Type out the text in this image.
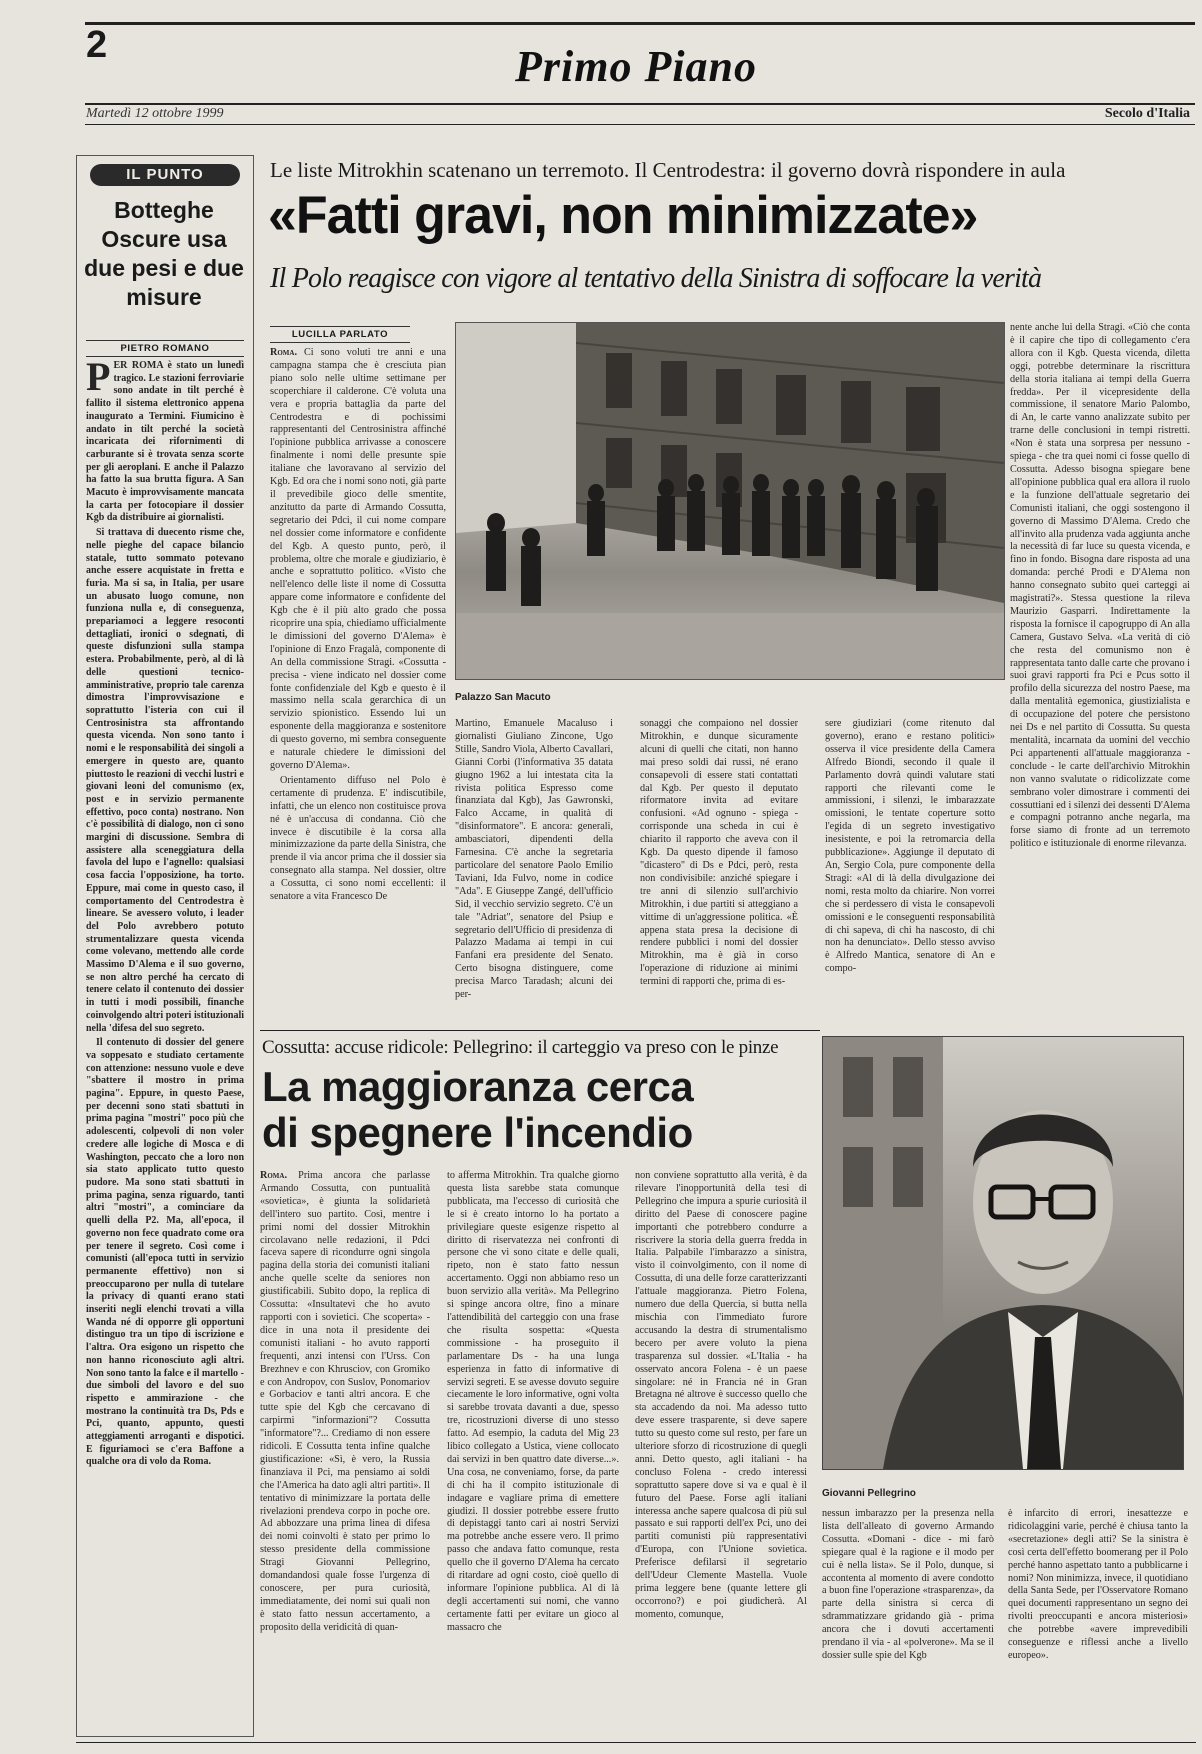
2	Primo Piano
Martedì 12 ottobre 1999	Secolo d'Italia
IL PUNTO
Botteghe Oscure usa due pesi e due misure
PIETRO ROMANO

PER ROMA è stato un lunedì tragico. Le stazioni ferroviarie sono andate in tilt perché è fallito il sistema elettronico appena inaugurato a Termini. Fiumicino è andato in tilt perché la società incaricata dei rifornimenti di carburante si è trovata senza scorte per gli aeroplani. E anche il Palazzo ha fatto la sua brutta figura. A San Macuto è improvvisamente mancata la carta per fotocopiare il dossier Kgb da distribuire ai giornalisti.

Si trattava di duecento risme che, nelle pieghe del capace bilancio statale, tutto sommato potevano anche essere acquistate in fretta e furia. Ma si sa, in Italia, per usare un abusato luogo comune, non funziona nulla e, di conseguenza, prepariamoci a leggere resoconti dettagliati, ironici o sdegnati, di queste disfunzioni sulla stampa estera. Probabilmente, però, al di là delle questioni tecnico-amministrative, proprio tale carenza dimostra l'improvvisazione e soprattutto l'isteria con cui il Centrosinistra sta affrontando questa vicenda. Non sono tanto i nomi e le responsabilità dei singoli a emergere in questo are, quanto piuttosto le reazioni di vecchi lustri e giovani leoni del comunismo (ex, post e in servizio permanente effettivo, poco conta) nostrano. Non c'è possibilità di dialogo, non ci sono margini di discussione. Sembra di assistere alla sceneggiatura della favola del lupo e l'agnello: qualsiasi cosa faccia l'opposizione, ha torto. Eppure, mai come in questo caso, il comportamento del Centrodestra è lineare. Se avessero voluto, i leader del Polo avrebbero potuto strumentalizzare questa vicenda come volevano, mettendo alle corde Massimo D'Alema e il suo governo, se non altro perché ha cercato di tenere celato il contenuto dei dossier in tutti i modi possibili, finanche coinvolgendo altri poteri istituzionali nella 'difesa del suo segreto.

Il contenuto di dossier del genere va soppesato e studiato certamente con attenzione: nessuno vuole e deve "sbattere il mostro in prima pagina". Eppure, in questo Paese, per decenni sono stati sbattuti in prima pagina "mostri" poco più che adolescenti, colpevoli di non voler credere alle logiche di Mosca e di Washington, peccato che a loro non sia stato applicato tutto questo pudore. Ma sono stati sbattuti in prima pagina, senza riguardo, tanti altri "mostri", a cominciare da quelli della P2. Ma, all'epoca, il governo non fece quadrato come ora per tenere il segreto. Così come i comunisti (all'epoca tutti in servizio permanente effettivo) non si preoccuparono per nulla di tutelare la privacy di quanti erano stati inseriti negli elenchi trovati a villa Wanda né di opporre gli opportuni distinguo tra un tipo di iscrizione e l'altra. Ora esigono un rispetto che non hanno riconosciuto agli altri. Non sono tanto la falce e il martello - due simboli del lavoro e del suo rispetto e ammirazione - che mostrano la continuità tra Ds, Pds e Pci, quanto, appunto, questi atteggiamenti arroganti e dispotici. E figuriamoci se c'era Baffone a qualche ora di volo da Roma.

Le liste Mitrokhin scatenano un terremoto. Il Centrodestra: il governo dovrà rispondere in aula
«Fatti gravi, non minimizzate»
Il Polo reagisce con vigore al tentativo della Sinistra di soffocare la verità
LUCILLA PARLATO

Roma. Ci sono voluti tre anni e una campagna stampa che è cresciuta pian piano solo nelle ultime settimane per scoperchiare il calderone. C'è voluta una vera e propria battaglia da parte del Centrodestra e di pochissimi rappresentanti del Centrosinistra affinché l'opinione pubblica arrivasse a conoscere finalmente i nomi delle presunte spie italiane che lavoravano al servizio del Kgb. Ed ora che i nomi sono noti, già parte il prevedibile gioco delle smentite, anzitutto da parte di Armando Cossutta, segretario dei Pdci, il cui nome compare nel dossier come informatore e confidente del Kgb. A questo punto, però, il problema, oltre che morale e giudiziario, è anche e soprattutto politico. «Visto che nell'elenco delle liste il nome di Cossutta appare come informatore e confidente del Kgb che è il più alto grado che possa ricoprire una spia, chiediamo ufficialmente le dimissioni del governo D'Alema» è l'opinione di Enzo Fragalà, componente di An della commissione Stragi. «Cossutta - precisa - viene indicato nel dossier come fonte confidenziale del Kgb e questo è il massimo nella scala gerarchica di un servizio spionistico. Essendo lui un esponente della maggioranza e sostenitore di questo governo, mi sembra conseguente e naturale chiedere le dimissioni del governo D'Alema».

Orientamento diffuso nel Polo è certamente di prudenza. E' indiscutibile, infatti, che un elenco non costituisce prova né è un'accusa di condanna. Ciò che invece è discutibile è la corsa alla minimizzazione da parte della Sinistra, che prende il via ancor prima che il dossier sia consegnato alla stampa. Nel dossier, oltre a Cossutta, ci sono nomi eccellenti: il senatore a vita Francesco De

Palazzo San Macuto

nente anche lui della Stragi. «Ciò che conta è il capire che tipo di collegamento c'era allora con il Kgb. Questa vicenda, diletta oggi, potrebbe determinare la riscrittura della storia italiana ai tempi della Guerra fredda». Per il vicepresidente della commissione, il senatore Mario Palombo, di An, le carte vanno analizzate subito per trarne delle conclusioni in tempi ristretti. «Non è stata una sorpresa per nessuno - spiega - che tra quei nomi ci fosse quello di Cossutta. Adesso bisogna spiegare bene all'opinione pubblica qual era allora il ruolo e la funzione dell'attuale segretario dei Comunisti italiani, che oggi sostengono il governo di Massimo D'Alema. Credo che all'invito alla prudenza vada aggiunta anche la necessità di far luce su questa vicenda, e fino in fondo. Bisogna dare risposta ad una domanda: perché Prodi e D'Alema non hanno consegnato subito quei carteggi ai magistrati?». Stessa questione la rileva Maurizio Gasparri. Indirettamente la risposta la fornisce il capogruppo di An alla Camera, Gustavo Selva. «La verità di ciò che resta del comunismo non è rappresentata tanto dalle carte che provano i suoi gravi rapporti fra Pci e Pcus sotto il profilo della sicurezza del nostro Paese, ma dalla mentalità egemonica, giustizialista e di occupazione del potere che persistono nei Ds e nel partito di Cossutta. Su questa mentalità, incarnata da uomini del vecchio Pci appartenenti all'attuale maggioranza - conclude - le carte dell'archivio Mitrokhin non vanno svalutate o ridicolizzate come sembrano voler dimostrare i commenti dei cossuttiani ed i silenzi dei dessenti D'Alema e compagni potranno anche negarla, ma forse siamo di fronte ad un terremoto politico e istituzionale di enorme rilevanza.

Martino, Emanuele Macaluso i giornalisti Giuliano Zincone, Ugo Stille, Sandro Viola, Alberto Cavallari, Gianni Corbi (l'informativa 35 datata giugno 1962 a lui intestata cita la rivista politica Espresso come finanziata dal Kgb), Jas Gawronski, Falco Accame, in qualità di "disinformatore". E ancora: generali, ambasciatori, dipendenti della Farnesina. C'è anche la segretaria particolare del senatore Paolo Emilio Taviani, Ida Fulvo, nome in codice "Ada". E Giuseppe Zangé, dell'ufficio Sid, il vecchio servizio segreto. C'è un tale "Adriat", senatore del Psiup e segretario dell'Ufficio di presidenza di Palazzo Madama ai tempi in cui Fanfani era presidente del Senato. Certo bisogna distinguere, come precisa Marco Taradash; alcuni dei per-

sonaggi che compaiono nel dossier Mitrokhin, e dunque sicuramente alcuni di quelli che citati, non hanno mai preso soldi dai russi, né erano consapevoli di essere stati contattati dal Kgb. Per questo il deputato riformatore invita ad evitare confusioni. «Ad ognuno - spiega - corrisponde una scheda in cui è chiarito il rapporto che aveva con il Kgb. Da questo dipende il famoso "dicastero" di Ds e Pdci, però, resta non condivisibile: anziché spiegare i tre anni di silenzio sull'archivio Mitrokhin, i due partiti si atteggiano a vittime di un'aggressione politica. «È appena stata presa la decisione di rendere pubblici i nomi del dossier Mitrokhin, ma è già in corso l'operazione di riduzione ai minimi termini di rapporti che, prima di es-

sere giudiziari (come ritenuto dal governo), erano e restano politici» osserva il vice presidente della Camera Alfredo Biondi, secondo il quale il Parlamento dovrà quindi valutare stati rapporti che rilevanti come le ammissioni, i silenzi, le imbarazzate omissioni, le tentate coperture sotto l'egida di un segreto investigativo inesistente, e poi la retromarcia della pubblicazione». Aggiunge il deputato di An, Sergio Cola, pure componente della Stragi: «Al di là della divulgazione dei nomi, resta molto da chiarire. Non vorrei che si perdessero di vista le consapevoli omissioni e le conseguenti responsabilità di chi sapeva, di chi ha nascosto, di chi non ha denunciato». Dello stesso avviso è Alfredo Mantica, senatore di An e compo-

Cossutta: accuse ridicole: Pellegrino: il carteggio va preso con le pinze
La maggioranza cerca
di spegnere l'incendio
Giovanni Pellegrino

Roma. Prima ancora che parlasse Armando Cossutta, con puntualità «sovietica», è giunta la solidarietà dell'intero suo partito. Così, mentre i primi nomi del dossier Mitrokhin circolavano nelle redazioni, il Pdci faceva sapere di ricondurre ogni singola pagina della storia dei comunisti italiani anche quelle scelte da seniores non giustificabili. Subito dopo, la replica di Cossutta: «Insultatevi che ho avuto rapporti con i sovietici. Che scoperta» - dice in una nota il presidente dei comunisti italiani - ho avuto rapporti frequenti, anzi intensi con l'Urss. Con Brezhnev e con Khrusciov, con Gromiko e con Andropov, con Suslov, Ponomariov e Gorbaciov e tanti altri ancora. E che tutte spie del Kgb che cercavano di carpirmi "informazioni"? Cossutta "informatore"?... Crediamo di non essere ridicoli. E Cossutta tenta infine qualche giustificazione: «Sì, è vero, la Russia finanziava il Pci, ma pensiamo ai soldi che l'America ha dato agli altri partiti». Il tentativo di minimizzare la portata delle rivelazioni prendeva corpo in poche ore. Ad abbozzare una prima linea di difesa dei nomi coinvolti è stato per primo lo stesso presidente della commissione Stragi Giovanni Pellegrino, domandandosi quale fosse l'urgenza di conoscere, per pura curiosità, immediatamente, dei nomi sui quali non è stato fatto nessun accertamento, a proposito della veridicità di quan-

to afferma Mitrokhin. Tra qualche giorno questa lista sarebbe stata comunque pubblicata, ma l'eccesso di curiosità che le si è creato intorno lo ha portato a privilegiare queste esigenze rispetto al diritto di riservatezza nei confronti di persone che vi sono citate e delle quali, ripeto, non è stato fatto nessun accertamento. Oggi non abbiamo reso un buon servizio alla verità». Ma Pellegrino si spinge ancora oltre, fino a minare l'attendibilità del carteggio con una frase che risulta sospetta: «Questa commissione - ha proseguito il parlamentare Ds - ha una lunga esperienza in fatto di informative di servizi segreti. E se avesse dovuto seguire ciecamente le loro informative, ogni volta si sarebbe trovata davanti a due, spesso tre, ricostruzioni diverse di uno stesso fatto. Ad esempio, la caduta del Mig 23 libico collegato a Ustica, viene collocato dai servizi in ben quattro date diverse...». Una cosa, ne conveniamo, forse, da parte di chi ha il compito istituzionale di indagare e vagliare prima di emettere giudizi. Il dossier potrebbe essere frutto di depistaggi tanto cari ai nostri Servizi ma potrebbe anche essere vero. Il primo passo che andava fatto comunque, resta quello che il governo D'Alema ha cercato di ritardare ad ogni costo, cioè quello di informare l'opinione pubblica. Al di là degli accertamenti sui nomi, che vanno certamente fatti per evitare un gioco al massacro che

non conviene soprattutto alla verità, è da rilevare l'inopportunità della tesi di Pellegrino che impura a spurie curiosità il diritto del Paese di conoscere pagine importanti che potrebbero condurre a riscrivere la storia della guerra fredda in Italia. Palpabile l'imbarazzo a sinistra, visto il coinvolgimento, con il nome di Cossutta, di una delle forze caratterizzanti l'attuale maggioranza. Pietro Folena, numero due della Quercia, si butta nella mischia con l'immediato furore accusando la destra di strumentalismo becero per avere voluto la piena trasparenza sul dossier. «L'Italia - ha osservato ancora Folena - è un paese singolare: né in Francia né in Gran Bretagna né altrove è successo quello che sta accadendo da noi. Ma adesso tutto deve essere trasparente, si deve sapere tutto su questo come sul resto, per fare un ulteriore sforzo di ricostruzione di quegli anni. Detto questo, agli italiani - ha concluso Folena - credo interessi soprattutto sapere dove si va e qual è il futuro del Paese. Forse agli italiani interessa anche sapere qualcosa di più sul passato e sui rapporti dell'ex Pci, uno dei partiti comunisti più rappresentativi d'Europa, con l'Unione sovietica. Preferisce defilarsi il segretario dell'Udeur Clemente Mastella. Vuole prima leggere bene (quante lettere gli occorrono?) e poi giudicherà. Al momento, comunque,

nessun imbarazzo per la presenza nella lista dell'alleato di governo Armando Cossutta. «Domani - dice - mi farò spiegare qual è la ragione e il modo per cui è nella lista». Se il Polo, dunque, si accontenta al momento di avere condotto a buon fine l'operazione «trasparenza», da parte della sinistra si cerca di sdrammatizzare gridando già - prima ancora che i dovuti accertamenti prendano il via - al «polverone». Ma se il dossier sulle spie del Kgb

è infarcito di errori, inesattezze e ridicolaggini varie, perché è chiusa tanto la «secretazione» degli atti? Se la sinistra è così certa dell'effetto boomerang per il Polo perché hanno aspettato tanto a pubblicarne i nomi? Non minimizza, invece, il quotidiano della Santa Sede, per l'Osservatore Romano quei documenti rappresentano un segno dei rivolti preoccupanti e ancora misteriosi» che potrebbe «avere imprevedibili conseguenze e riflessi anche a livello europeo».
